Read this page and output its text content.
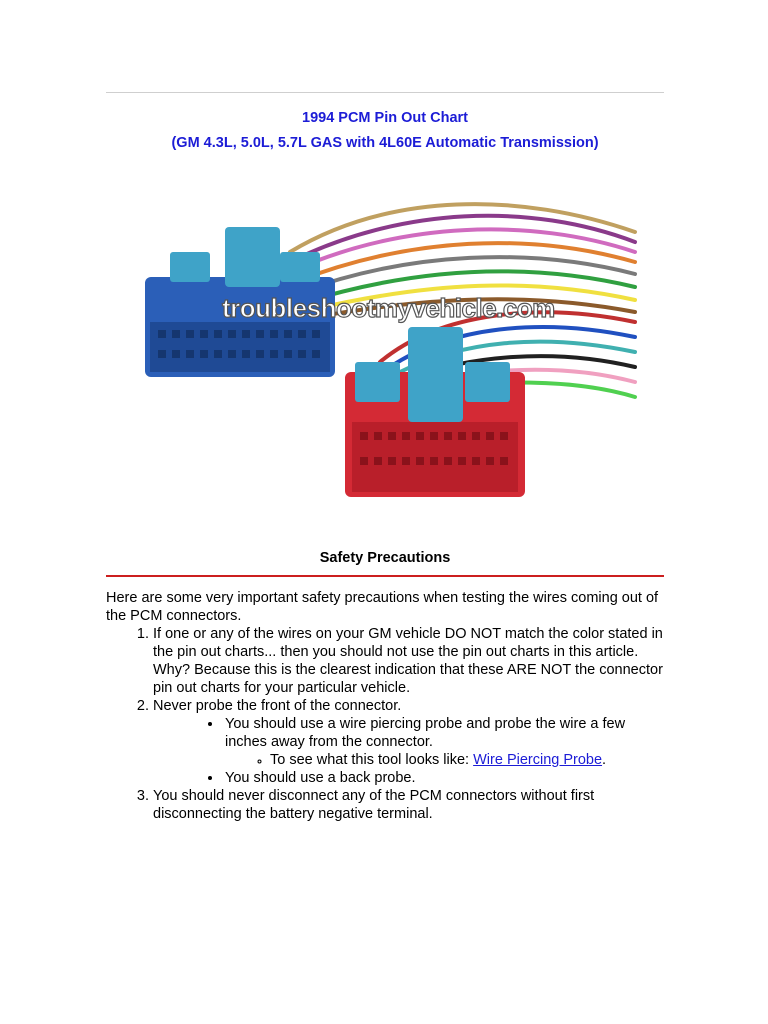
1994 PCM Pin Out Chart
(GM 4.3L, 5.0L, 5.7L GAS with 4L60E Automatic Transmission)
troubleshootmyvehicle.com
Safety Precautions

Here are some very important safety precautions when testing the wires coming out of the PCM connectors.

1. If one or any of the wires on your GM vehicle DO NOT match the color stated in the pin out charts... then you should not use the pin out charts in this article. Why? Because this is the clearest indication that these ARE NOT the connector pin out charts for your particular vehicle.
2. Never probe the front of the connector.
• You should use a wire piercing probe and probe the wire a few inches away from the connector.
◦ To see what this tool looks like: Wire Piercing Probe.
• You should use a back probe.
3. You should never disconnect any of the PCM connectors without first disconnecting the battery negative terminal.
